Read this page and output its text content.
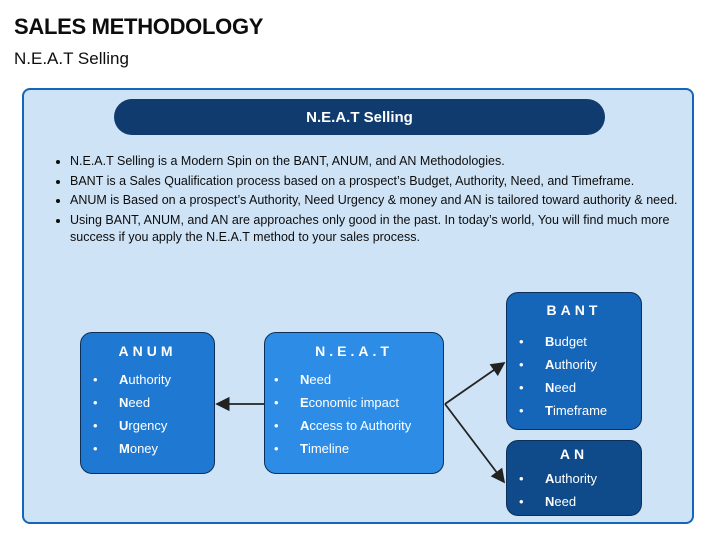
SALES METHODOLOGY
N.E.A.T Selling
N.E.A.T Selling
• N.E.A.T Selling is a Modern Spin on the BANT, ANUM, and AN Methodologies.
• BANT is a Sales Qualification process based on a prospect’s Budget, Authority, Need, and Timeframe.
• ANUM is Based on a prospect’s Authority, Need Urgency & money and AN is tailored toward authority & need.
• Using BANT, ANUM, and AN are approaches only good in the past. In today’s world, You will find much more success if you apply the N.E.A.T method to your sales process.
ANUM
• Authority
• Need
• Urgency
• Money
N.E.A.T
• Need
• Economic impact
• Access to Authority
• Timeline
BANT
• Budget
• Authority
• Need
• Timeframe
AN
• Authority
• Need
